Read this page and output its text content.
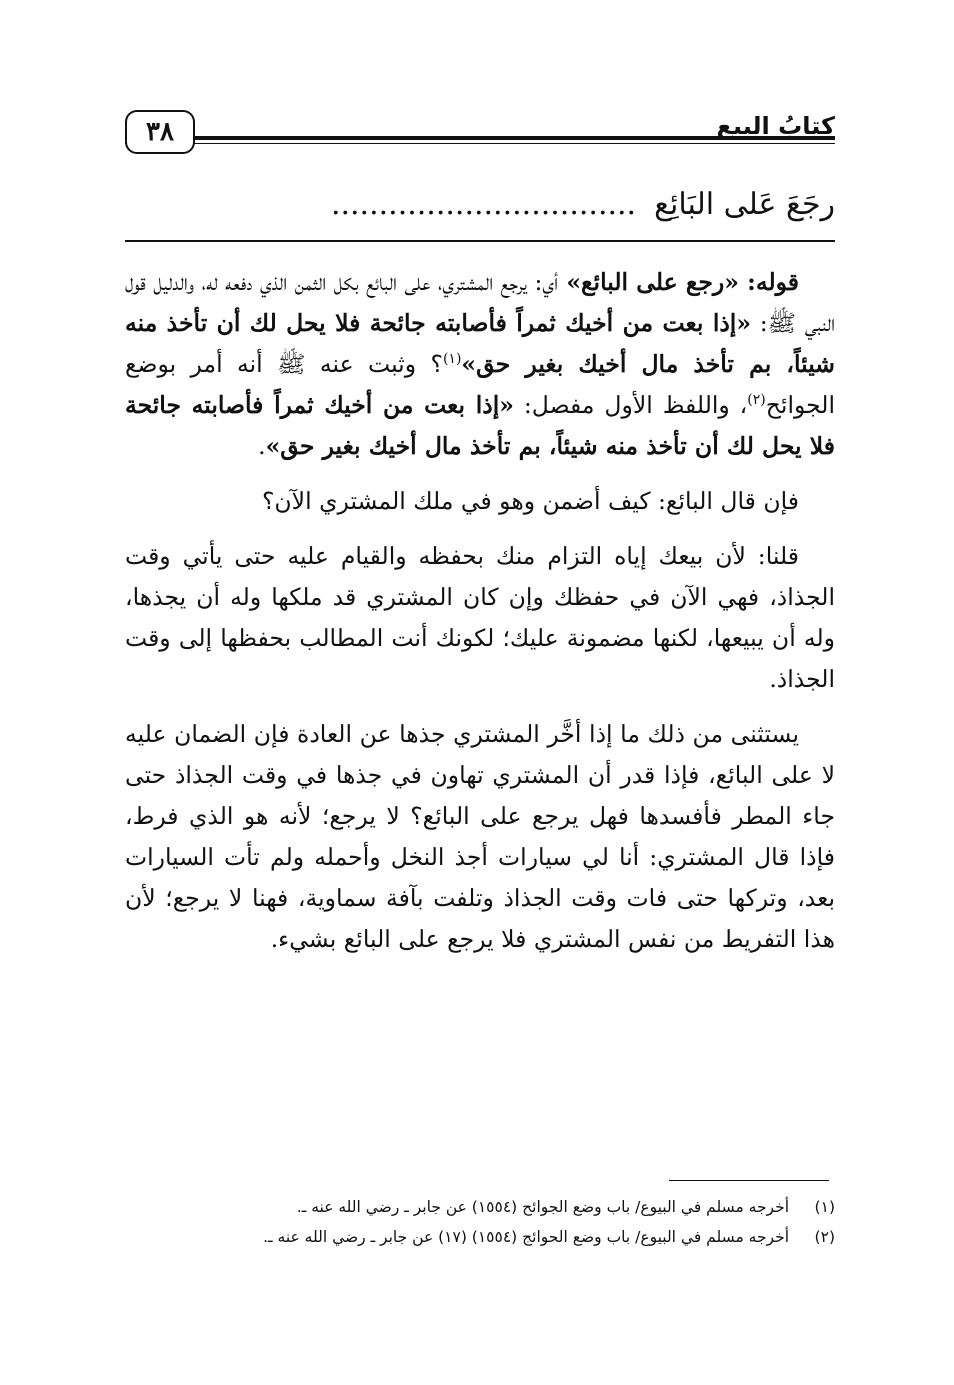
كتابُ البيع
٣٨
رجَعَ عَلى البَائِع................................

قوله: «رجع على البائع» أي: يرجع المشتري، على البائع بكل الثمن الذي دفعه له، والدليل قول النبي ﷺ: «إذا بعت من أخيك ثمراً فأصابته جائحة فلا يحل لك أن تأخذ منه شيئاً، بم تأخذ مال أخيك بغير حق»$^{(١)}$؟ وثبت عنه ﷺ أنه أمر بوضع الجوائح$^{(٢)}$، واللفظ الأول مفصل: «إذا بعت من أخيك ثمراً فأصابته جائحة فلا يحل لك أن تأخذ منه شيئاً، بم تأخذ مال أخيك بغير حق».

فإن قال البائع: كيف أضمن وهو في ملك المشتري الآن؟

قلنا: لأن بيعك إياه التزام منك بحفظه والقيام عليه حتى يأتي وقت الجذاذ، فهي الآن في حفظك وإن كان المشتري قد ملكها وله أن يجذها، وله أن يبيعها، لكنها مضمونة عليك؛ لكونك أنت المطالب بحفظها إلى وقت الجذاذ.

يستثنى من ذلك ما إذا أخَّر المشتري جذها عن العادة فإن الضمان عليه لا على البائع، فإذا قدر أن المشتري تهاون في جذها في وقت الجذاذ حتى جاء المطر فأفسدها فهل يرجع على البائع؟ لا يرجع؛ لأنه هو الذي فرط، فإذا قال المشتري: أنا لي سيارات أجذ النخل وأحمله ولم تأت السيارات بعد، وتركها حتى فات وقت الجذاذ وتلفت بآفة سماوية، فهنا لا يرجع؛ لأن هذا التفريط من نفس المشتري فلا يرجع على البائع بشيء.

(١)
أخرجه مسلم في البيوع/ باب وضع الجوائح (١٥٥٤) عن جابر ـ رضي الله عنه ـ.
(٢)
أخرجه مسلم في البيوع/ باب وضع الحوائج (١٥٥٤) (١٧) عن جابر ـ رضي الله عنه ـ.
